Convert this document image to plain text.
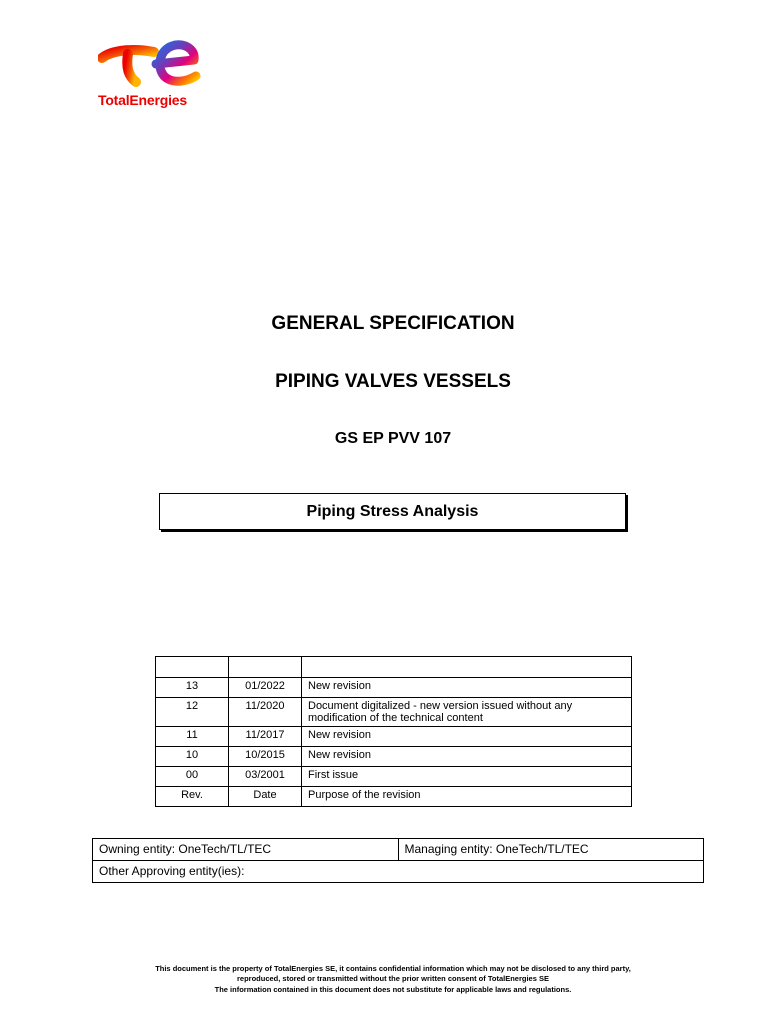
TotalEnergies
GENERAL SPECIFICATION
PIPING VALVES VESSELS
GS EP PVV 107
Piping Stress Analysis

13	01/2022	New revision
12	11/2020	Document digitalized - new version issued without any modification of the technical content
11	11/2017	New revision
10	10/2015	New revision
00	03/2001	First issue
Rev.	Date	Purpose of the revision
Owning entity: OneTech/TL/TEC	Managing entity: OneTech/TL/TEC
Other Approving entity(ies):
This document is the property of TotalEnergies SE, it contains confidential information which may not be disclosed to any third party,
reproduced, stored or transmitted without the prior written consent of TotalEnergies SE
The information contained in this document does not substitute for applicable laws and regulations.
